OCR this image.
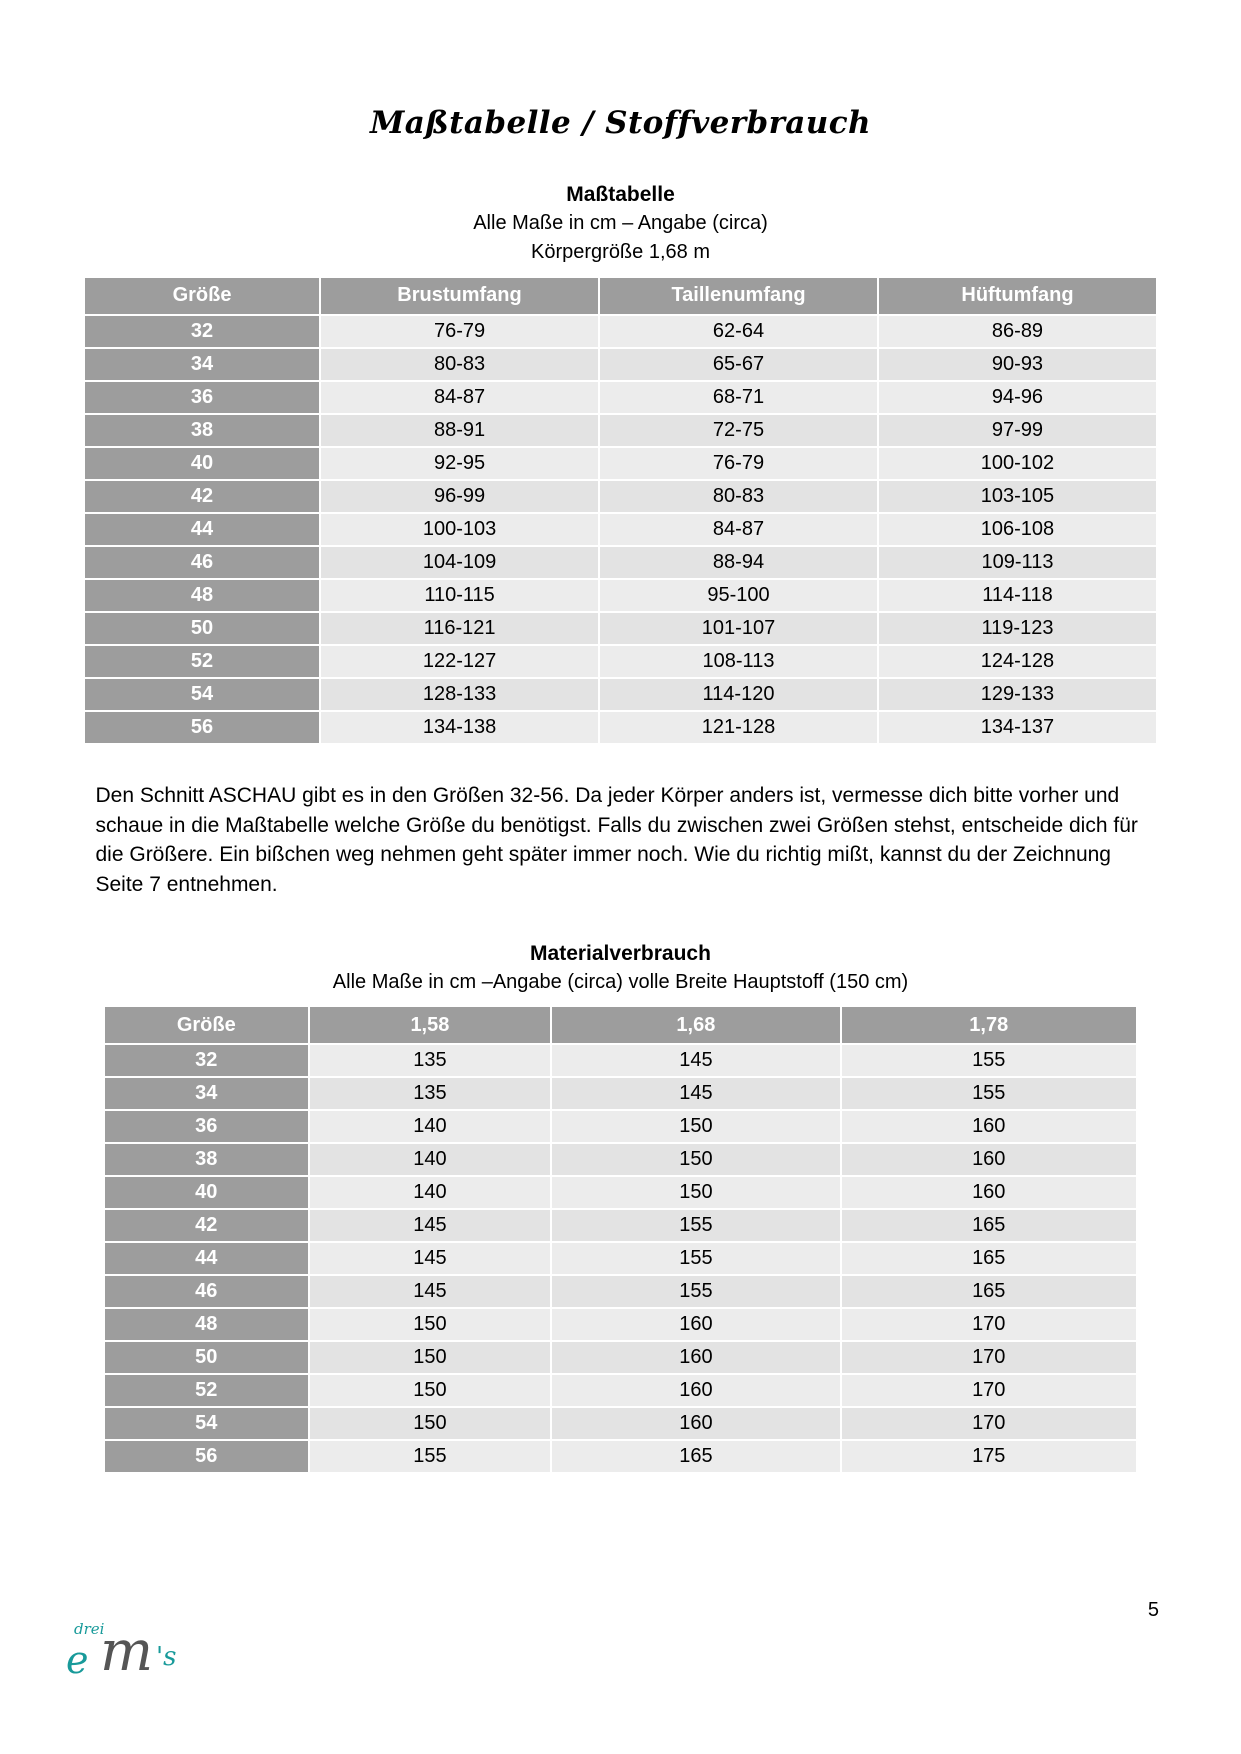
Maßtabelle / Stoffverbrauch
Maßtabelle
Alle Maße in cm – Angabe (circa)
Körpergröße 1,68 m
Größe	Brustumfang	Taillenumfang	Hüftumfang
32	76-79	62-64	86-89
34	80-83	65-67	90-93
36	84-87	68-71	94-96
38	88-91	72-75	97-99
40	92-95	76-79	100-102
42	96-99	80-83	103-105
44	100-103	84-87	106-108
46	104-109	88-94	109-113
48	110-115	95-100	114-118
50	116-121	101-107	119-123
52	122-127	108-113	124-128
54	128-133	114-120	129-133
56	134-138	121-128	134-137

Den Schnitt ASCHAU gibt es in den Größen 32-56. Da jeder Körper anders ist, vermesse dich bitte vorher und schaue in die Maßtabelle welche Größe du benötigst. Falls du zwischen zwei Größen stehst, entscheide dich für die Größere. Ein bißchen weg nehmen geht später immer noch. Wie du richtig mißt, kannst du der Zeichnung Seite 7 entnehmen.

Materialverbrauch
Alle Maße in cm –Angabe (circa) volle Breite Hauptstoff (150 cm)
Größe	1,58	1,68	1,78
32	135	145	155
34	135	145	155
36	140	150	160
38	140	150	160
40	140	150	160
42	145	155	165
44	145	155	165
46	145	155	165
48	150	160	170
50	150	160	170
52	150	160	170
54	150	160	170
56	155	165	175
5
drei
e m 's
